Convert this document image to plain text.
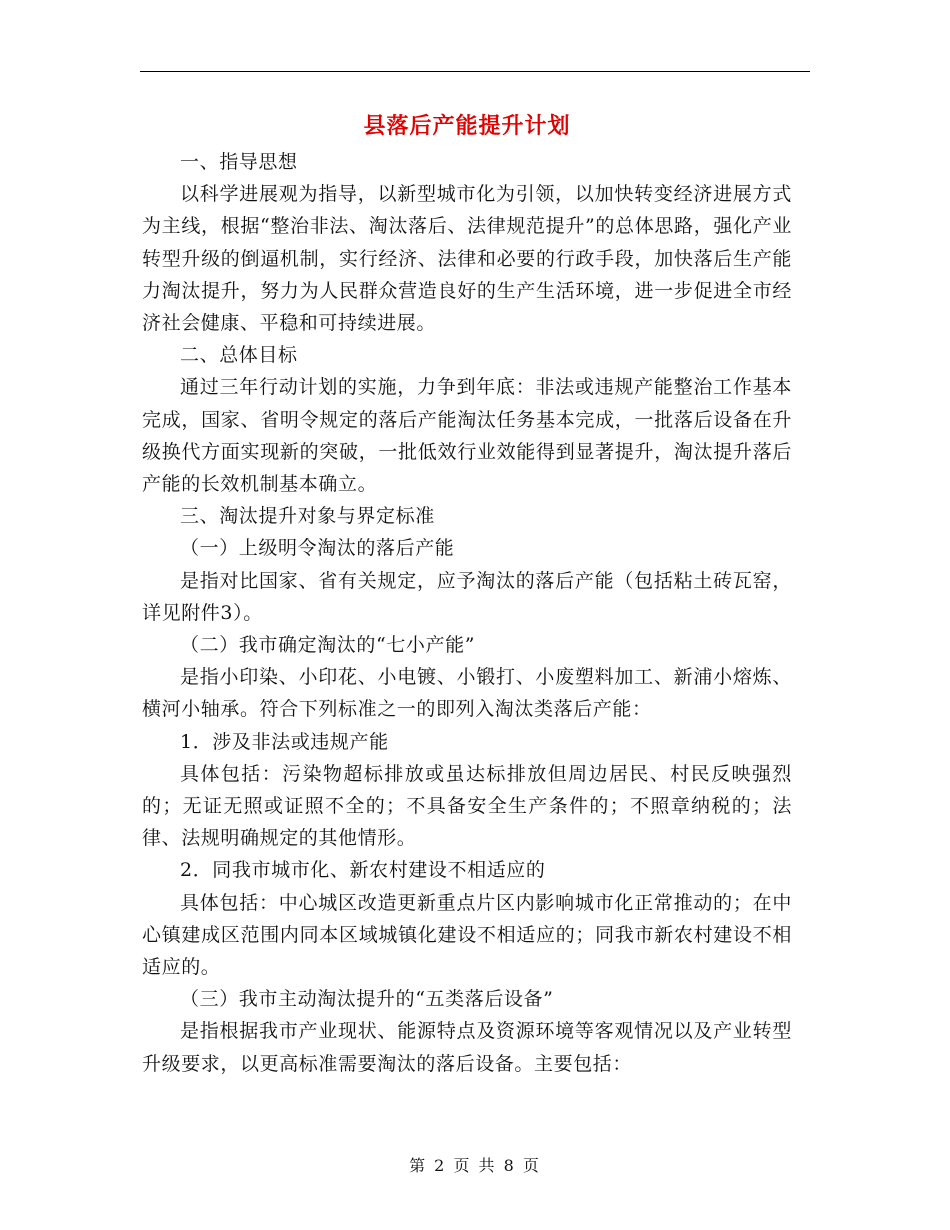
县落后产能提升计划

一、指导思想

以科学进展观为指导，以新型城市化为引领，以加快转变经济进展方式为主线，根据“整治非法、淘汰落后、法律规范提升”的总体思路，强化产业转型升级的倒逼机制，实行经济、法律和必要的行政手段，加快落后生产能力淘汰提升，努力为人民群众营造良好的生产生活环境，进一步促进全市经济社会健康、平稳和可持续进展。

二、总体目标

通过三年行动计划的实施，力争到年底：非法或违规产能整治工作基本完成，国家、省明令规定的落后产能淘汰任务基本完成，一批落后设备在升级换代方面实现新的突破，一批低效行业效能得到显著提升，淘汰提升落后产能的长效机制基本确立。

三、淘汰提升对象与界定标准

（一）上级明令淘汰的落后产能

是指对比国家、省有关规定，应予淘汰的落后产能（包括粘土砖瓦窑，详见附件3）。

（二）我市确定淘汰的“七小产能”

是指小印染、小印花、小电镀、小锻打、小废塑料加工、新浦小熔炼、横河小轴承。符合下列标准之一的即列入淘汰类落后产能：

1．涉及非法或违规产能

具体包括：污染物超标排放或虽达标排放但周边居民、村民反映强烈的；无证无照或证照不全的；不具备安全生产条件的；不照章纳税的；法律、法规明确规定的其他情形。

2．同我市城市化、新农村建设不相适应的

具体包括：中心城区改造更新重点片区内影响城市化正常推动的；在中心镇建成区范围内同本区域城镇化建设不相适应的；同我市新农村建设不相适应的。

（三）我市主动淘汰提升的“五类落后设备”

是指根据我市产业现状、能源特点及资源环境等客观情况以及产业转型升级要求，以更高标准需要淘汰的落后设备。主要包括：

第 2 页 共 8 页
